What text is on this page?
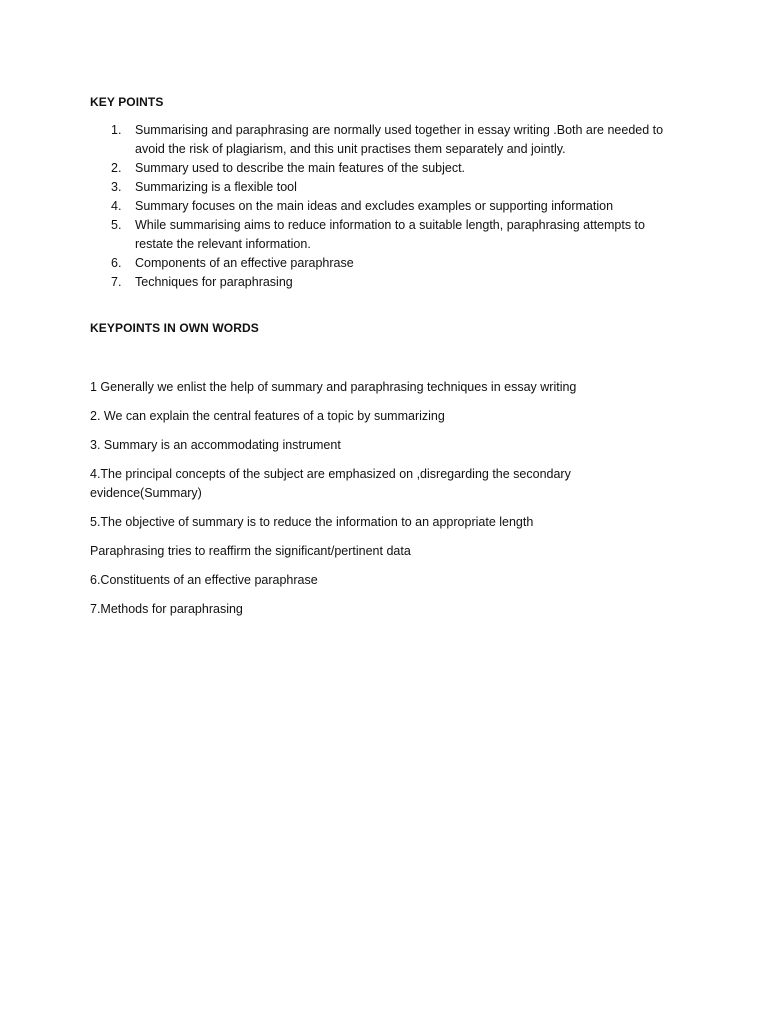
KEY POINTS
1. Summarising and paraphrasing are normally used together in essay writing .Both are needed to avoid the risk of plagiarism, and this unit practises them separately and jointly.
2. Summary used to describe the main features of the subject.
3. Summarizing is a flexible tool
4. Summary focuses on the main ideas and excludes examples or supporting information
5. While summarising aims to reduce information to a suitable length, paraphrasing attempts to restate the relevant information.
6. Components of an effective paraphrase
7. Techniques for paraphrasing
KEYPOINTS IN OWN WORDS

1 Generally we enlist the help of summary and paraphrasing techniques in essay writing

2. We can explain the central features of a topic by summarizing

3. Summary is an accommodating instrument

4.The principal concepts of the subject are emphasized on ,disregarding the secondary evidence(Summary)

5.The objective of summary is to reduce the information to an appropriate length

Paraphrasing tries to reaffirm the significant/pertinent data

6.Constituents of an effective paraphrase

7.Methods for paraphrasing
